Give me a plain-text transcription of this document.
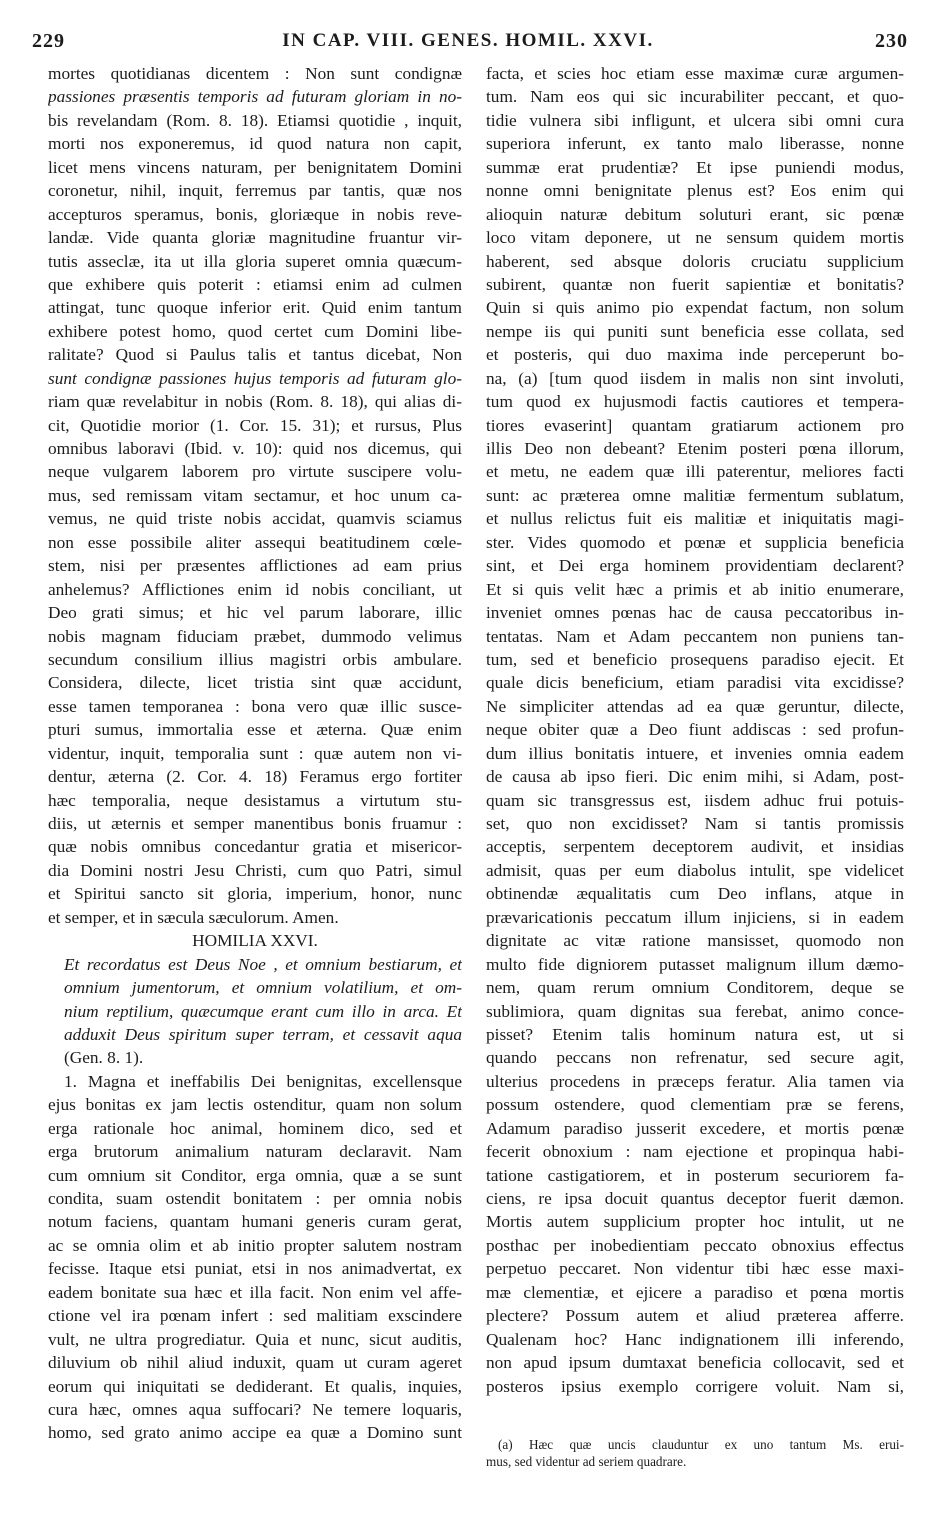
229	IN CAP. VIII. GENES. HOMIL. XXVI.	230
mortes quotidianas dicentem : Non sunt condignæ
passiones præsentis temporis ad futuram gloriam in no-
bis revelandam (Rom. 8. 18). Etiamsi quotidie , inquit,
morti nos exponeremus, id quod natura non capit,
licet mens vincens naturam, per benignitatem Domini
coronetur, nihil, inquit, ferremus par tantis, quæ nos
accepturos speramus, bonis, gloriæque in nobis reve-
landæ. Vide quanta gloriæ magnitudine fruantur vir-
tutis asseclæ, ita ut illa gloria superet omnia quæcum-
que exhibere quis poterit : etiamsi enim ad culmen
attingat, tunc quoque inferior erit. Quid enim tantum
exhibere potest homo, quod certet cum Domini libe-
ralitate? Quod si Paulus talis et tantus dicebat, Non
sunt condignæ passiones hujus temporis ad futuram glo-
riam quæ revelabitur in nobis (Rom. 8. 18), qui alias di-
cit, Quotidie morior (1. Cor. 15. 31); et rursus, Plus
omnibus laboravi (Ibid. v. 10): quid nos dicemus, qui
neque vulgarem laborem pro virtute suscipere volu-
mus, sed remissam vitam sectamur, et hoc unum ca-
vemus, ne quid triste nobis accidat, quamvis sciamus
non esse possibile aliter assequi beatitudinem cœle-
stem, nisi per præsentes afflictiones ad eam prius
anhelemus? Afflictiones enim id nobis conciliant, ut
Deo grati simus; et hic vel parum laborare, illic
nobis magnam fiduciam præbet, dummodo velimus
secundum consilium illius magistri orbis ambulare.
Considera, dilecte, licet tristia sint quæ accidunt,
esse tamen temporanea : bona vero quæ illic susce-
pturi sumus, immortalia esse et æterna. Quæ enim
videntur, inquit, temporalia sunt : quæ autem non vi-
dentur, æterna (2. Cor. 4. 18) Feramus ergo fortiter
hæc temporalia, neque desistamus a virtutum stu-
diis, ut æternis et semper manentibus bonis fruamur :
quæ nobis omnibus concedantur gratia et misericor-
dia Domini nostri Jesu Christi, cum quo Patri, simul
et Spiritui sancto sit gloria, imperium, honor, nunc
et semper, et in sæcula sæculorum. Amen.
HOMILIA XXVI.
Et recordatus est Deus Noe , et omnium bestiarum, et
omnium jumentorum, et omnium volatilium, et om-
nium reptilium, quæcumque erant cum illo in arca. Et
adduxit Deus spiritum super terram, et cessavit aqua
(Gen. 8. 1).
1. Magna et ineffabilis Dei benignitas, excellensque
ejus bonitas ex jam lectis ostenditur, quam non solum
erga rationale hoc animal, hominem dico, sed et
erga brutorum animalium naturam declaravit. Nam
cum omnium sit Conditor, erga omnia, quæ a se sunt
condita, suam ostendit bonitatem : per omnia nobis
notum faciens, quantam humani generis curam gerat,
ac se omnia olim et ab initio propter salutem nostram
fecisse. Itaque etsi puniat, etsi in nos animadvertat, ex
eadem bonitate sua hæc et illa facit. Non enim vel affe-
ctione vel ira pœnam infert : sed malitiam exscindere
vult, ne ultra progrediatur. Quia et nunc, sicut auditis,
diluvium ob nihil aliud induxit, quam ut curam ageret
eorum qui iniquitati se dediderant. Et qualis, inquies,
cura hæc, omnes aqua suffocari? Ne temere loquaris,
homo, sed grato animo accipe ea quæ a Domino sunt
facta, et scies hoc etiam esse maximæ curæ argumen-
tum. Nam eos qui sic incurabiliter peccant, et quo-
tidie vulnera sibi infligunt, et ulcera sibi omni cura
superiora inferunt, ex tanto malo liberasse, nonne
summæ erat prudentiæ? Et ipse puniendi modus,
nonne omni benignitate plenus est? Eos enim qui
alioquin naturæ debitum soluturi erant, sic pœnæ
loco vitam deponere, ut ne sensum quidem mortis
haberent, sed absque doloris cruciatu supplicium
subirent, quantæ non fuerit sapientiæ et bonitatis?
Quin si quis animo pio expendat factum, non solum
nempe iis qui puniti sunt beneficia esse collata, sed
et posteris, qui duo maxima inde perceperunt bo-
na, (a) [tum quod iisdem in malis non sint involuti,
tum quod ex hujusmodi factis cautiores et tempera-
tiores evaserint] quantam gratiarum actionem pro
illis Deo non debeant? Etenim posteri pœna illorum,
et metu, ne eadem quæ illi paterentur, meliores facti
sunt: ac præterea omne malitiæ fermentum sublatum,
et nullus relictus fuit eis malitiæ et iniquitatis magi-
ster. Vides quomodo et pœnæ et supplicia beneficia
sint, et Dei erga hominem providentiam declarent?
Et si quis velit hæc a primis et ab initio enumerare,
inveniet omnes pœnas hac de causa peccatoribus in-
tentatas. Nam et Adam peccantem non puniens tan-
tum, sed et beneficio prosequens paradiso ejecit. Et
quale dicis beneficium, etiam paradisi vita excidisse?
Ne simpliciter attendas ad ea quæ geruntur, dilecte,
neque obiter quæ a Deo fiunt addiscas : sed profun-
dum illius bonitatis intuere, et invenies omnia eadem
de causa ab ipso fieri. Dic enim mihi, si Adam, post-
quam sic transgressus est, iisdem adhuc frui potuis-
set, quo non excidisset? Nam si tantis promissis
acceptis, serpentem deceptorem audivit, et insidias
admisit, quas per eum diabolus intulit, spe videlicet
obtinendæ æqualitatis cum Deo inflans, atque in
prævaricationis peccatum illum injiciens, si in eadem
dignitate ac vitæ ratione mansisset, quomodo non
multo fide digniorem putasset malignum illum dæmo-
nem, quam rerum omnium Conditorem, deque se
sublimiora, quam dignitas sua ferebat, animo conce-
pisset? Etenim talis hominum natura est, ut si
quando peccans non refrenatur, sed secure agit,
ulterius procedens in præceps feratur. Alia tamen via
possum ostendere, quod clementiam præ se ferens,
Adamum paradiso jusserit excedere, et mortis pœnæ
fecerit obnoxium : nam ejectione et propinqua habi-
tatione castigatiorem, et in posterum securiorem fa-
ciens, re ipsa docuit quantus deceptor fuerit dæmon.
Mortis autem supplicium propter hoc intulit, ut ne
posthac per inobedientiam peccato obnoxius effectus
perpetuo peccaret. Non videntur tibi hæc esse maxi-
mæ clementiæ, et ejicere a paradiso et pœna mortis
plectere? Possum autem et aliud præterea afferre.
Qualenam hoc? Hanc indignationem illi inferendo,
non apud ipsum dumtaxat beneficia collocavit, sed et
posteros ipsius exemplo corrigere voluit. Nam si,
(a) Hæc quæ uncis clauduntur ex uno tantum Ms. erui-
mus, sed videntur ad seriem quadrare.
